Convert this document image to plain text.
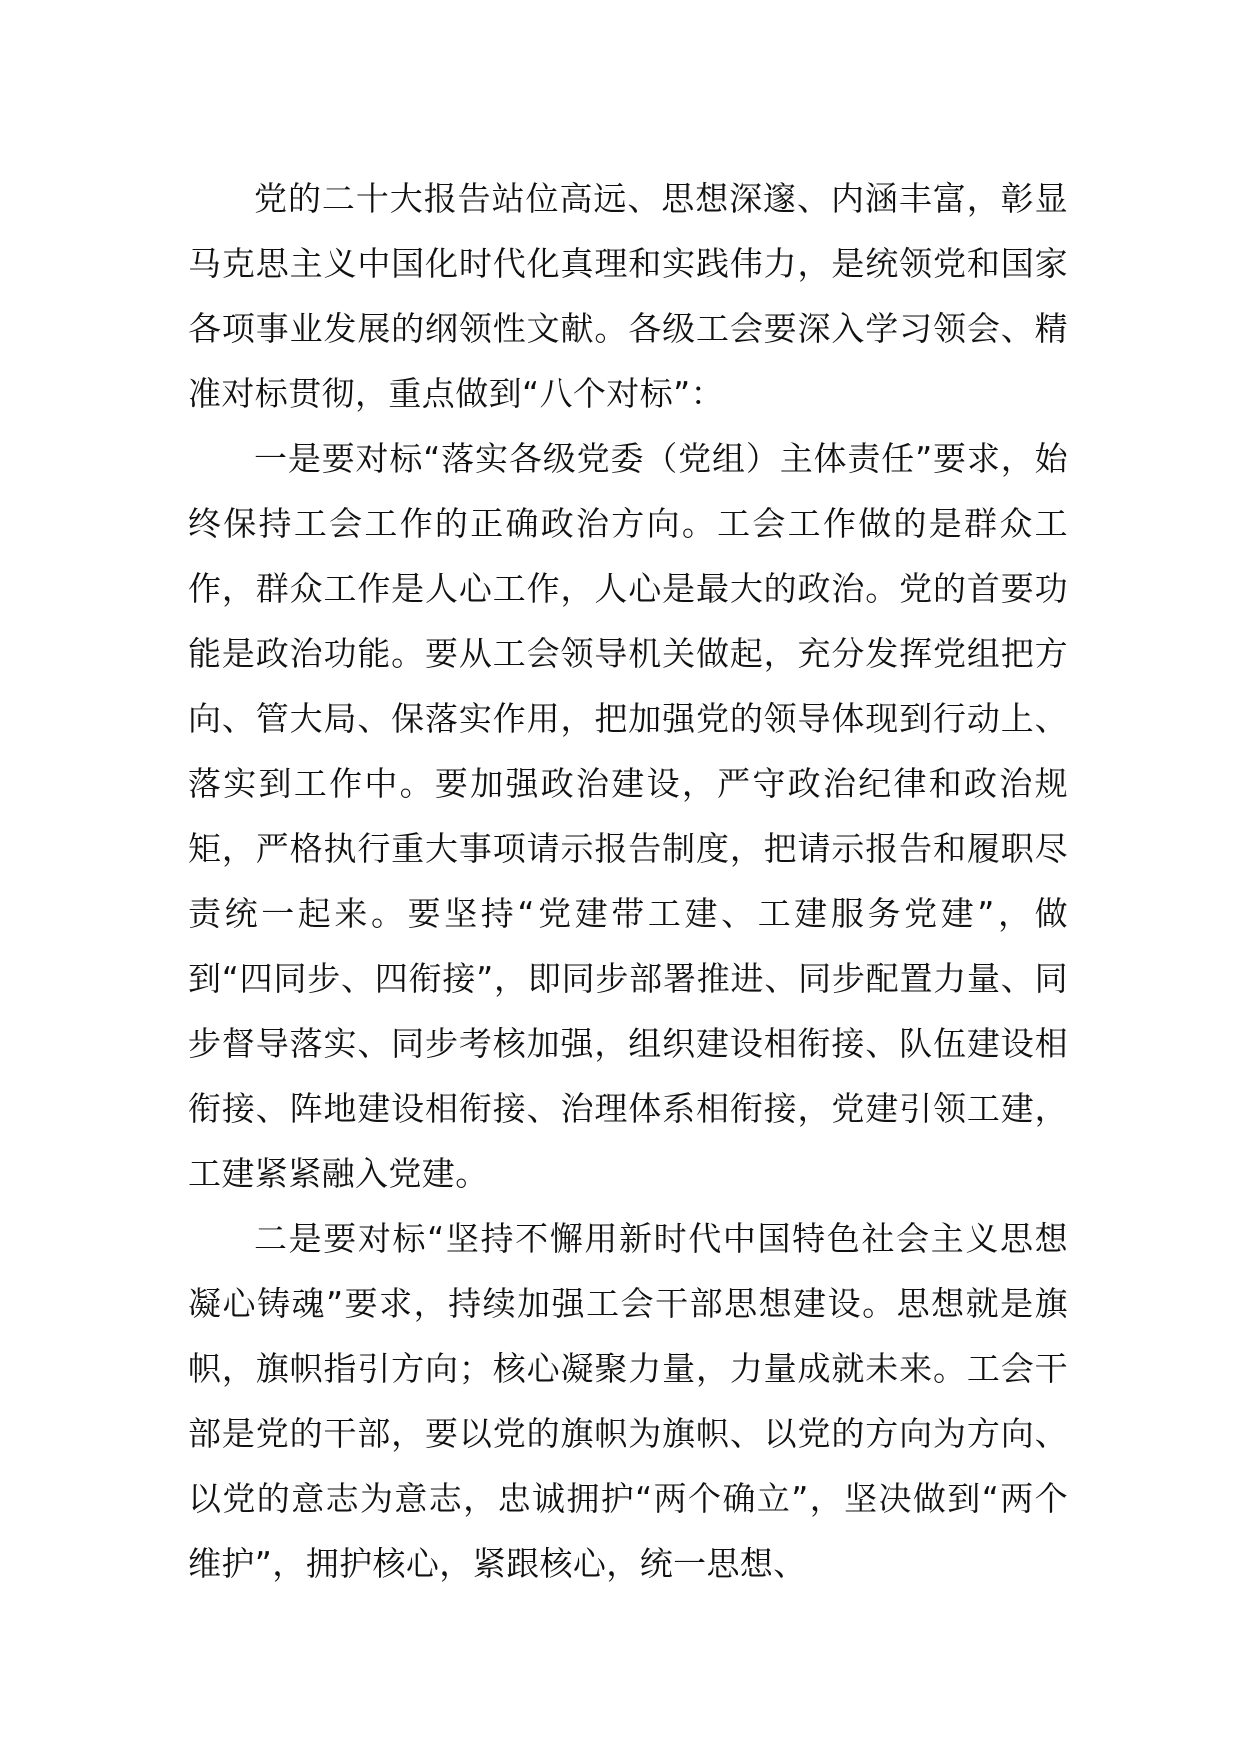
党的二十大报告站位高远、思想深邃、内涵丰富，彰显马克思主义中国化时代化真理和实践伟力，是统领党和国家各项事业发展的纲领性文献。各级工会要深入学习领会、精准对标贯彻，重点做到“八个对标”：

一是要对标“落实各级党委（党组）主体责任”要求，始终保持工会工作的正确政治方向。工会工作做的是群众工作，群众工作是人心工作，人心是最大的政治。党的首要功能是政治功能。要从工会领导机关做起，充分发挥党组把方向、管大局、保落实作用，把加强党的领导体现到行动上、落实到工作中。要加强政治建设，严守政治纪律和政治规矩，严格执行重大事项请示报告制度，把请示报告和履职尽责统一起来。要坚持“党建带工建、工建服务党建”，做到“四同步、四衔接”，即同步部署推进、同步配置力量、同步督导落实、同步考核加强，组织建设相衔接、队伍建设相衔接、阵地建设相衔接、治理体系相衔接，党建引领工建，工建紧紧融入党建。

二是要对标“坚持不懈用新时代中国特色社会主义思想凝心铸魂”要求，持续加强工会干部思想建设。思想就是旗帜，旗帜指引方向；核心凝聚力量，力量成就未来。工会干部是党的干部，要以党的旗帜为旗帜、以党的方向为方向、以党的意志为意志，忠诚拥护“两个确立”，坚决做到“两个维护”，拥护核心，紧跟核心，统一思想、
